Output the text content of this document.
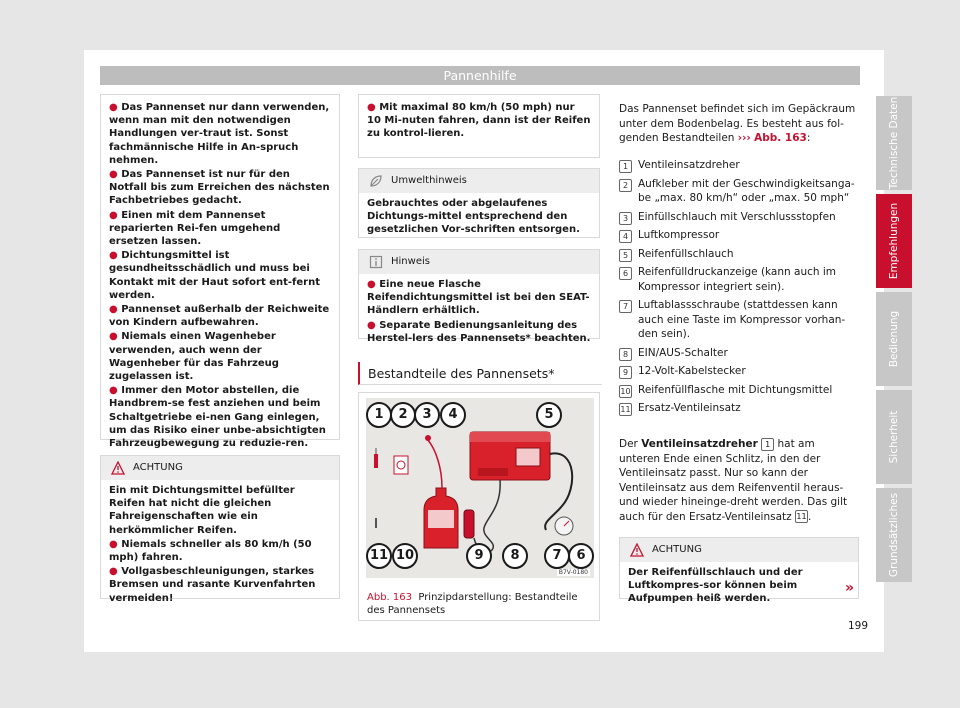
Pannenhilfe

● Das Pannenset nur dann verwenden, wenn man mit den notwendigen Handlungen ver-traut ist. Sonst fachmännische Hilfe in An-spruch nehmen.

● Das Pannenset ist nur für den Notfall bis zum Erreichen des nächsten Fachbetriebes gedacht.

● Einen mit dem Pannenset reparierten Rei-fen umgehend ersetzen lassen.

● Dichtungsmittel ist gesundheitsschädlich und muss bei Kontakt mit der Haut sofort ent-fernt werden.

● Pannenset außerhalb der Reichweite von Kindern aufbewahren.

● Niemals einen Wagenheber verwenden, auch wenn der Wagenheber für das Fahrzeug zugelassen ist.

● Immer den Motor abstellen, die Handbrem-se fest anziehen und beim Schaltgetriebe ei-nen Gang einlegen, um das Risiko einer unbe-absichtigten Fahrzeugbewegung zu reduzie-ren.

ACHTUNG

Ein mit Dichtungsmittel befüllter Reifen hat nicht die gleichen Fahreigenschaften wie ein herkömmlicher Reifen.

● Niemals schneller als 80 km/h (50 mph) fahren.

● Vollgasbeschleunigungen, starkes Bremsen und rasante Kurvenfahrten vermeiden!

● Mit maximal 80 km/h (50 mph) nur 10 Mi-nuten fahren, dann ist der Reifen zu kontrol-lieren.

Umwelthinweis

Gebrauchtes oder abgelaufenes Dichtungs-mittel entsprechend den gesetzlichen Vor-schriften entsorgen.

Hinweis

● Eine neue Flasche Reifendichtungsmittel ist bei den SEAT-Händlern erhältlich.

● Separate Bedienungsanleitung des Herstel-lers des Pannensets* beachten.

Bestandteile des Pannensets*
B7V-0180
1	2	3	4	5
11 10	9	8	7	6
Abb. 163 Prinzipdarstellung: Bestandteile des Pannensets
Das Pannenset befindet sich im Gepäckraum unter dem Bodenbelag. Es besteht aus fol-genden Bestandteilen ››› Abb. 163:
1 Ventileinsatzdreher
2 Aufkleber mit der Geschwindigkeitsanga-be „max. 80 km/h“ oder „max. 50 mph“
3 Einfüllschlauch mit Verschlussstopfen
4 Luftkompressor
5 Reifenfüllschlauch
6 Reifenfülldruckanzeige (kann auch im Kompressor integriert sein).
7 Luftablassschraube (stattdessen kann auch eine Taste im Kompressor vorhan-den sein).
8 EIN/AUS-Schalter
9 12-Volt-Kabelstecker
10 Reifenfüllflasche mit Dichtungsmittel
11 Ersatz-Ventileinsatz
Der Ventileinsatzdreher 1 hat am unteren Ende einen Schlitz, in den der Ventileinsatz passt. Nur so kann der Ventileinsatz aus dem Reifenventil heraus- und wieder hineinge-dreht werden. Das gilt auch für den Ersatz-Ventileinsatz 11.
ACHTUNG

Der Reifenfüllschlauch und der Luftkompres-sor können beim Aufpumpen heiß werden.

»
Technische Daten
Empfehlungen
Bedienung
Sicherheit
Grundsätzliches
199
